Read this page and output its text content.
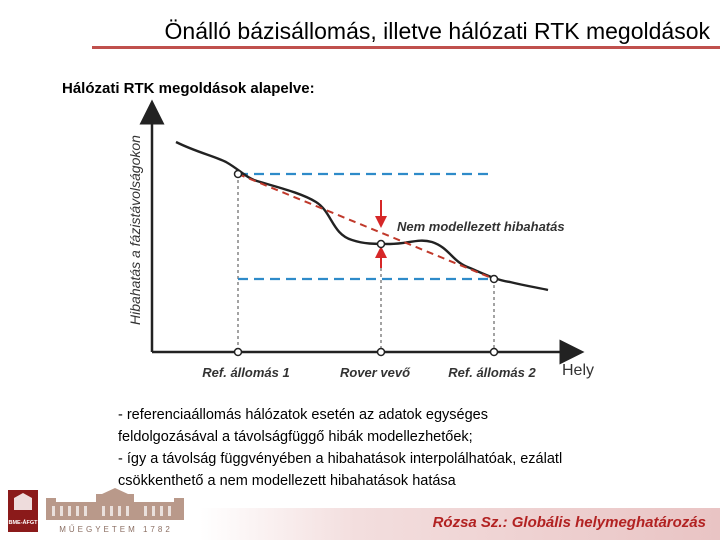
Önálló bázisállomás, illetve hálózati RTK megoldások
Hálózati RTK megoldások alapelve:
Hibahatás a fázistávolságokon	Nem modellezett hibahatás
Ref. állomás 1	Rover vevő	Ref. állomás 2 Hely

- referenciaállomás hálózatok esetén az adatok egységes

feldolgozásával a távolságfüggő hibák modellezhetőek;

- így a távolság függvényében a hibahatások interpolálhatóak, ezálatl

csökkenthető a nem modellezett hibahatások hatása

Rózsa Sz.: Globális helymeghatározás
BME-ÁFGT
MŰEGYETEM 1782
